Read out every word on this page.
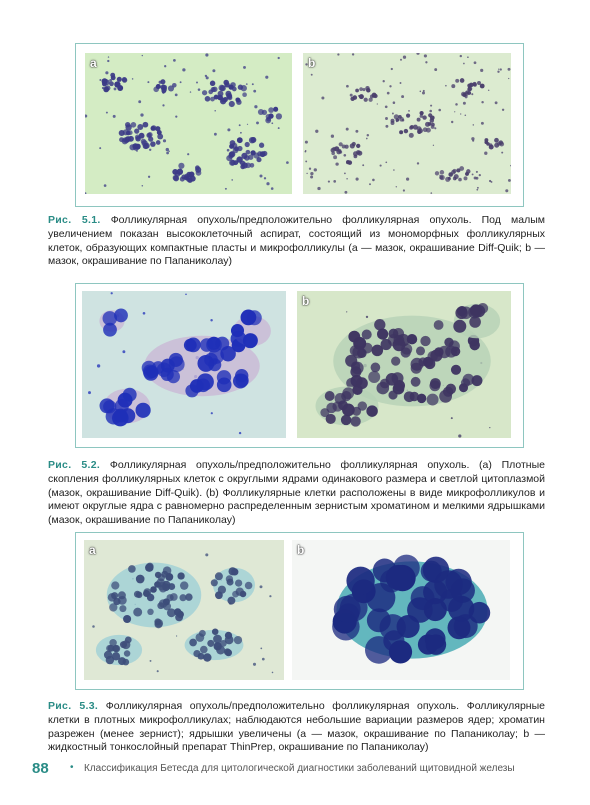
a	b

Рис. 5.1. Фолликулярная опухоль/предположительно фолликулярная опухоль. Под малым увеличением показан высококлеточный аспират, состоящий из мономорфных фолликулярных клеток, образующих компактные пласты и микрофолликулы (a — мазок, окрашивание Diff-Quik; b — мазок, окрашивание по Папаниколау)

b

Рис. 5.2. Фолликулярная опухоль/предположительно фолликулярная опухоль. (a) Плотные скопления фолликулярных клеток с округлыми ядрами одинакового размера и светлой цитоплазмой (мазок, окрашивание Diff-Quik). (b) Фолликулярные клетки расположены в виде микрофолликулов и имеют округлые ядра с равномерно распределенным зернистым хроматином и мелкими ядрышками (мазок, окрашивание по Папаниколау)

a	b

Рис. 5.3. Фолликулярная опухоль/предположительно фолликулярная опухоль. Фолликулярные клетки в плотных микрофолликулах; наблюдаются небольшие вариации размеров ядер; хроматин разрежен (менее зернист); ядрышки увеличены (a — мазок, окрашивание по Папаниколау; b — жидкостный тонкослойный препарат ThinPrep, окрашивание по Папаниколау)

88 • Классификация Бетесда для цитологической диагностики заболеваний щитовидной железы
